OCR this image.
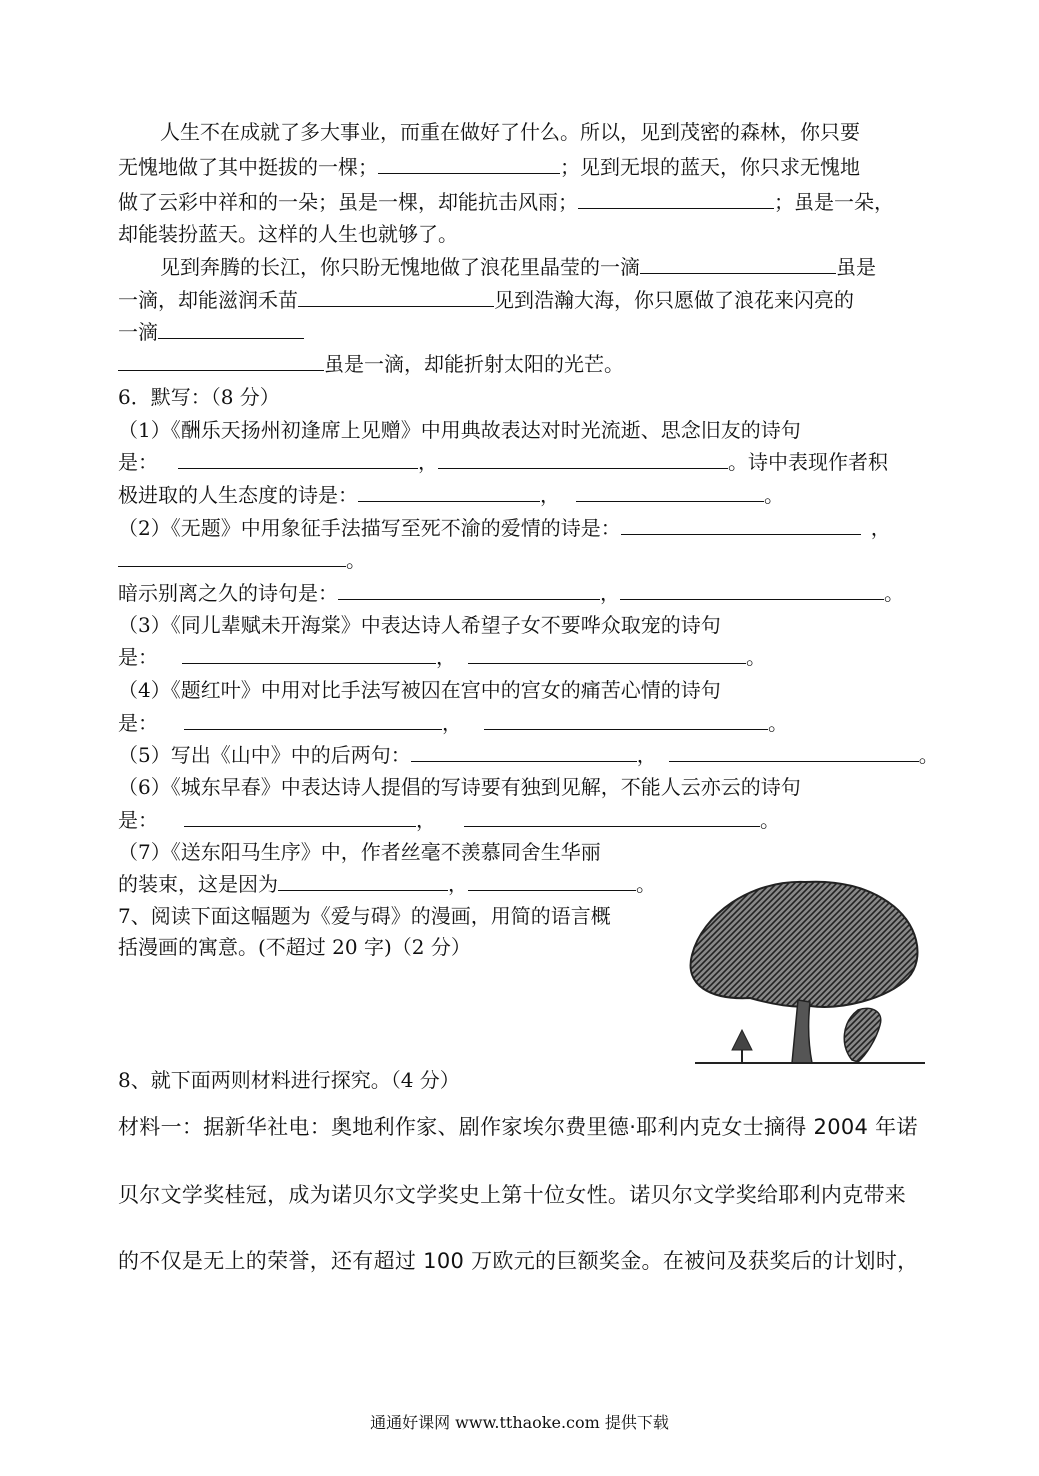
人生不在成就了多大事业，而重在做好了什么。所以，见到茂密的森林，你只要
无愧地做了其中挺拔的一棵；	；见到无垠的蓝天，你只求无愧地
做了云彩中祥和的一朵；虽是一棵，却能抗击风雨；	；虽是一朵，
却能装扮蓝天。这样的人生也就够了。
见到奔腾的长江，你只盼无愧地做了浪花里晶莹的一滴	虽是
一滴，却能滋润禾苗	见到浩瀚大海，你只愿做了浪花来闪亮的
一滴
虽是一滴，却能折射太阳的光芒。
6．默写：（8 分）
（1）《酬乐天扬州初逢席上见赠》中用典故表达对时光流逝、思念旧友的诗句
是：	，	。诗中表现作者积
极进取的人生态度的诗是：	，	。
（2）《无题》中用象征手法描写至死不渝的爱情的诗是：	，
。
暗示别离之久的诗句是：	，	。
（3）《同儿辈赋未开海棠》中表达诗人希望子女不要哗众取宠的诗句
是：	，	。
（4）《题红叶》中用对比手法写被囚在宫中的宫女的痛苦心情的诗句
是：	，	。
（5）写出《山中》中的后两句：	，	。
（6）《城东早春》中表达诗人提倡的写诗要有独到见解，不能人云亦云的诗句
是：	，	。
（7）《送东阳马生序》中，作者丝毫不羡慕同舍生华丽
的装束，这是因为	，	。
7、阅读下面这幅题为《爱与碍》的漫画，用简的语言概
括漫画的寓意。(不超过 20 字)（2 分）
8、就下面两则材料进行探究。（4 分）
材料一：据新华社电：奥地利作家、剧作家埃尔费里德·耶利内克女士摘得 2004 年诺
贝尔文学奖桂冠，成为诺贝尔文学奖史上第十位女性。诺贝尔文学奖给耶利内克带来
的不仅是无上的荣誉，还有超过 100 万欧元的巨额奖金。在被问及获奖后的计划时，
通通好课网 www.tthaoke.com 提供下载
